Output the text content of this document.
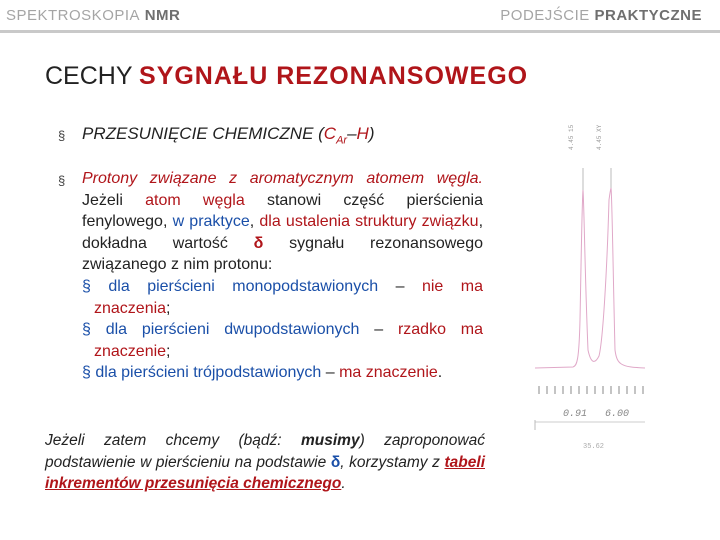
SPEKTROSKOPIA NMR	PODEJŚCIE PRAKTYCZNE
CECHY SYGNAŁU REZONANSOWEGO
§ PRZESUNIĘCIE CHEMICZNE $(C_{Ar}-H)$
§ Protony związane z aromatycznym atomem węgla. Jeżeli atom węgla stanowi część pierścienia fenylowego, w praktyce, dla ustalenia struktury związku, dokładna wartość δ sygnału rezonansowego związanego z nim protonu:
§ dla pierścieni monopodstawionych – nie ma znaczenia;
§ dla pierścieni dwupodstawionych – rzadko ma znaczenie;
§ dla pierścieni trójpodstawionych – ma znaczenie.
Jeżeli zatem chcemy (bądź: musimy) zaproponować podstawienie w pierścieniu na podstawie δ, korzystamy z tabeli inkrementów przesunięcia chemicznego.
4.45 15	4.45 XY
0.91 6.00
35.62
